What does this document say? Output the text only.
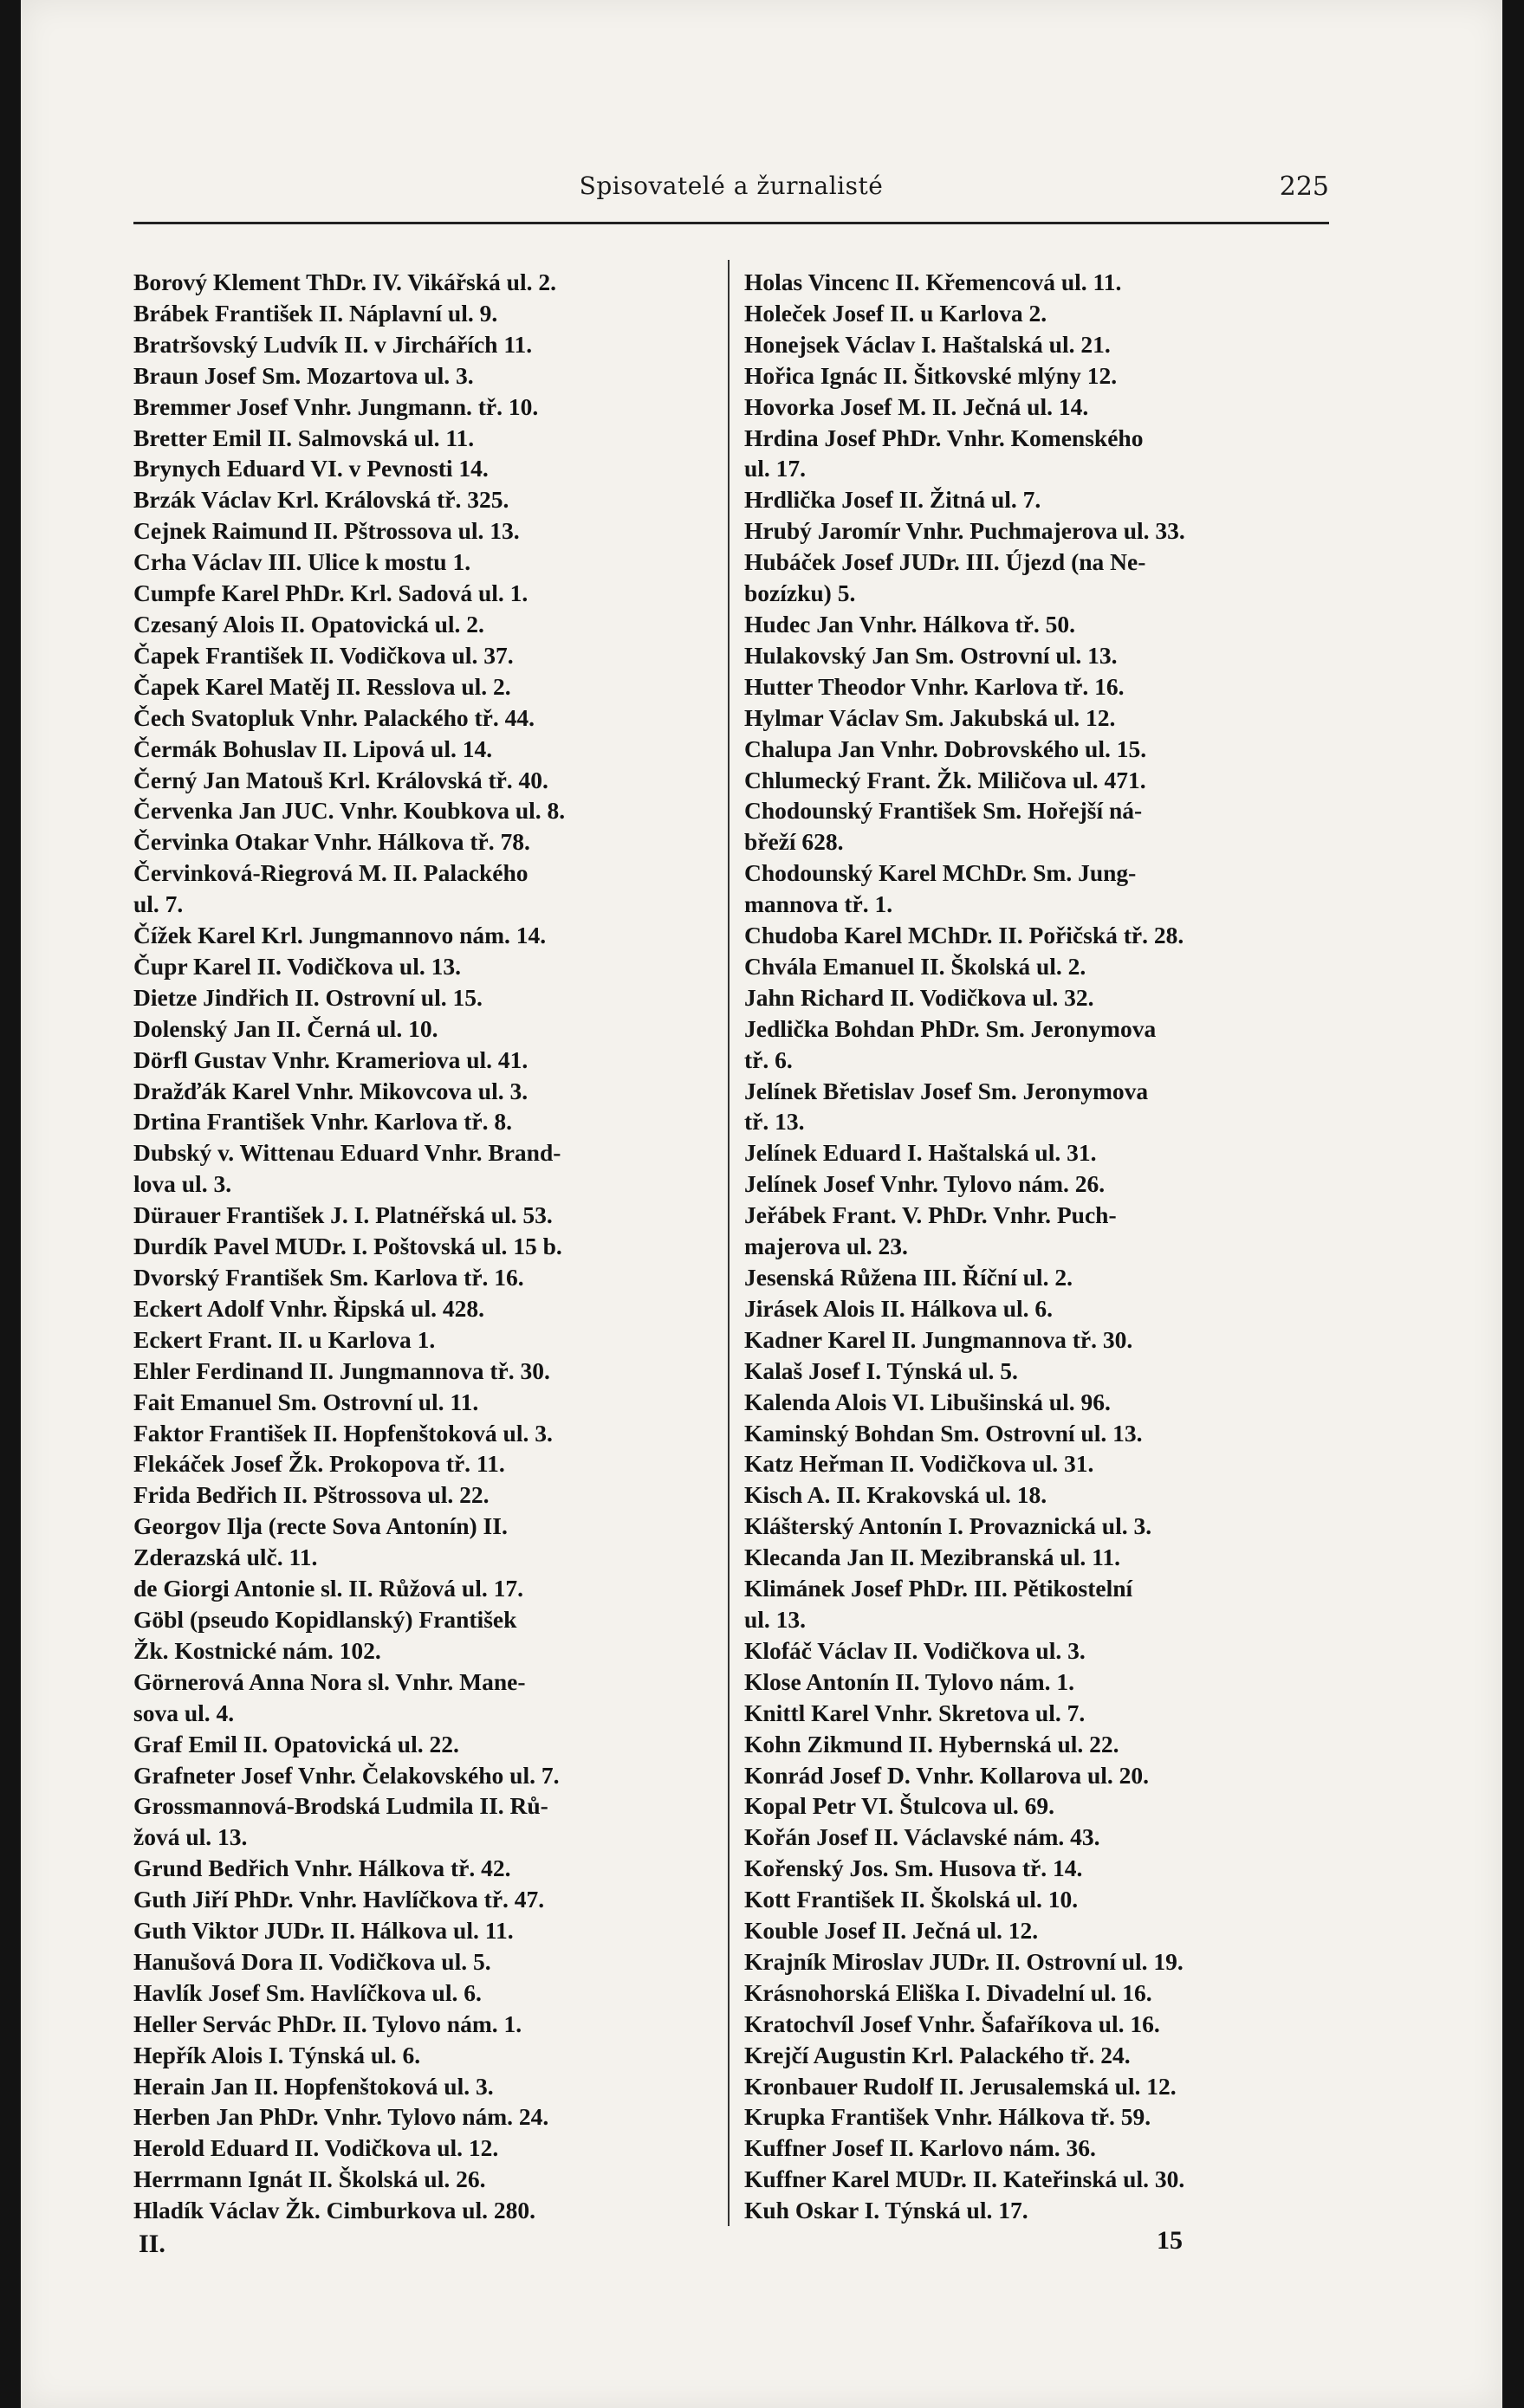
Spisovatelé a žurnalisté	225
Borový Klement ThDr. IV. Vikářská ul. 2.
Brábek František II. Náplavní ul. 9.
Bratršovský Ludvík II. v Jirchářích 11.
Braun Josef Sm. Mozartova ul. 3.
Bremmer Josef Vnhr. Jungmann. tř. 10.
Bretter Emil II. Salmovská ul. 11.
Brynych Eduard VI. v Pevnosti 14.
Brzák Václav Krl. Královská tř. 325.
Cejnek Raimund II. Pštrossova ul. 13.
Crha Václav III. Ulice k mostu 1.
Cumpfe Karel PhDr. Krl. Sadová ul. 1.
Czesaný Alois II. Opatovická ul. 2.
Čapek František II. Vodičkova ul. 37.
Čapek Karel Matěj II. Resslova ul. 2.
Čech Svatopluk Vnhr. Palackého tř. 44.
Čermák Bohuslav II. Lipová ul. 14.
Černý Jan Matouš Krl. Královská tř. 40.
Červenka Jan JUC. Vnhr. Koubkova ul. 8.
Červinka Otakar Vnhr. Hálkova tř. 78.
Červinková-Riegrová M. II. Palackého
ul. 7.
Čížek Karel Krl. Jungmannovo nám. 14.
Čupr Karel II. Vodičkova ul. 13.
Dietze Jindřich II. Ostrovní ul. 15.
Dolenský Jan II. Černá ul. 10.
Dörfl Gustav Vnhr. Krameriova ul. 41.
Dražďák Karel Vnhr. Mikovcova ul. 3.
Drtina František Vnhr. Karlova tř. 8.
Dubský v. Wittenau Eduard Vnhr. Brand-
lova ul. 3.
Dürauer František J. I. Platnéřská ul. 53.
Durdík Pavel MUDr. I. Poštovská ul. 15 b.
Dvorský František Sm. Karlova tř. 16.
Eckert Adolf Vnhr. Řipská ul. 428.
Eckert Frant. II. u Karlova 1.
Ehler Ferdinand II. Jungmannova tř. 30.
Fait Emanuel Sm. Ostrovní ul. 11.
Faktor František II. Hopfenštoková ul. 3.
Flekáček Josef Žk. Prokopova tř. 11.
Frida Bedřich II. Pštrossova ul. 22.
Georgov Ilja (recte Sova Antonín) II.
Zderazská ulč. 11.
de Giorgi Antonie sl. II. Růžová ul. 17.
Göbl (pseudo Kopidlanský) František
Žk. Kostnické nám. 102.
Görnerová Anna Nora sl. Vnhr. Mane-
sova ul. 4.
Graf Emil II. Opatovická ul. 22.
Grafneter Josef Vnhr. Čelakovského ul. 7.
Grossmannová-Brodská Ludmila II. Rů-
žová ul. 13.
Grund Bedřich Vnhr. Hálkova tř. 42.
Guth Jiří PhDr. Vnhr. Havlíčkova tř. 47.
Guth Viktor JUDr. II. Hálkova ul. 11.
Hanušová Dora II. Vodičkova ul. 5.
Havlík Josef Sm. Havlíčkova ul. 6.
Heller Servác PhDr. II. Tylovo nám. 1.
Hepřík Alois I. Týnská ul. 6.
Herain Jan II. Hopfenštoková ul. 3.
Herben Jan PhDr. Vnhr. Tylovo nám. 24.
Herold Eduard II. Vodičkova ul. 12.
Herrmann Ignát II. Školská ul. 26.
Hladík Václav Žk. Cimburkova ul. 280.
Holas Vincenc II. Křemencová ul. 11.
Holeček Josef II. u Karlova 2.
Honejsek Václav I. Haštalská ul. 21.
Hořica Ignác II. Šitkovské mlýny 12.
Hovorka Josef M. II. Ječná ul. 14.
Hrdina Josef PhDr. Vnhr. Komenského
ul. 17.
Hrdlička Josef II. Žitná ul. 7.
Hrubý Jaromír Vnhr. Puchmajerova ul. 33.
Hubáček Josef JUDr. III. Újezd (na Ne-
bozízku) 5.
Hudec Jan Vnhr. Hálkova tř. 50.
Hulakovský Jan Sm. Ostrovní ul. 13.
Hutter Theodor Vnhr. Karlova tř. 16.
Hylmar Václav Sm. Jakubská ul. 12.
Chalupa Jan Vnhr. Dobrovského ul. 15.
Chlumecký Frant. Žk. Miličova ul. 471.
Chodounský František Sm. Hořejší ná-
břeží 628.
Chodounský Karel MChDr. Sm. Jung-
mannova tř. 1.
Chudoba Karel MChDr. II. Pořičská tř. 28.
Chvála Emanuel II. Školská ul. 2.
Jahn Richard II. Vodičkova ul. 32.
Jedlička Bohdan PhDr. Sm. Jeronymova
tř. 6.
Jelínek Břetislav Josef Sm. Jeronymova
tř. 13.
Jelínek Eduard I. Haštalská ul. 31.
Jelínek Josef Vnhr. Tylovo nám. 26.
Jeřábek Frant. V. PhDr. Vnhr. Puch-
majerova ul. 23.
Jesenská Růžena III. Říční ul. 2.
Jirásek Alois II. Hálkova ul. 6.
Kadner Karel II. Jungmannova tř. 30.
Kalaš Josef I. Týnská ul. 5.
Kalenda Alois VI. Libušinská ul. 96.
Kaminský Bohdan Sm. Ostrovní ul. 13.
Katz Heřman II. Vodičkova ul. 31.
Kisch A. II. Krakovská ul. 18.
Klášterský Antonín I. Provaznická ul. 3.
Klecanda Jan II. Mezibranská ul. 11.
Klimánek Josef PhDr. III. Pětikostelní
ul. 13.
Klofáč Václav II. Vodičkova ul. 3.
Klose Antonín II. Tylovo nám. 1.
Knittl Karel Vnhr. Skretova ul. 7.
Kohn Zikmund II. Hybernská ul. 22.
Konrád Josef D. Vnhr. Kollarova ul. 20.
Kopal Petr VI. Štulcova ul. 69.
Kořán Josef II. Václavské nám. 43.
Kořenský Jos. Sm. Husova tř. 14.
Kott František II. Školská ul. 10.
Kouble Josef II. Ječná ul. 12.
Krajník Miroslav JUDr. II. Ostrovní ul. 19.
Krásnohorská Eliška I. Divadelní ul. 16.
Kratochvíl Josef Vnhr. Šafaříkova ul. 16.
Krejčí Augustin Krl. Palackého tř. 24.
Kronbauer Rudolf II. Jerusalemská ul. 12.
Krupka František Vnhr. Hálkova tř. 59.
Kuffner Josef II. Karlovo nám. 36.
Kuffner Karel MUDr. II. Kateřinská ul. 30.
Kuh Oskar I. Týnská ul. 17.
II.	15
